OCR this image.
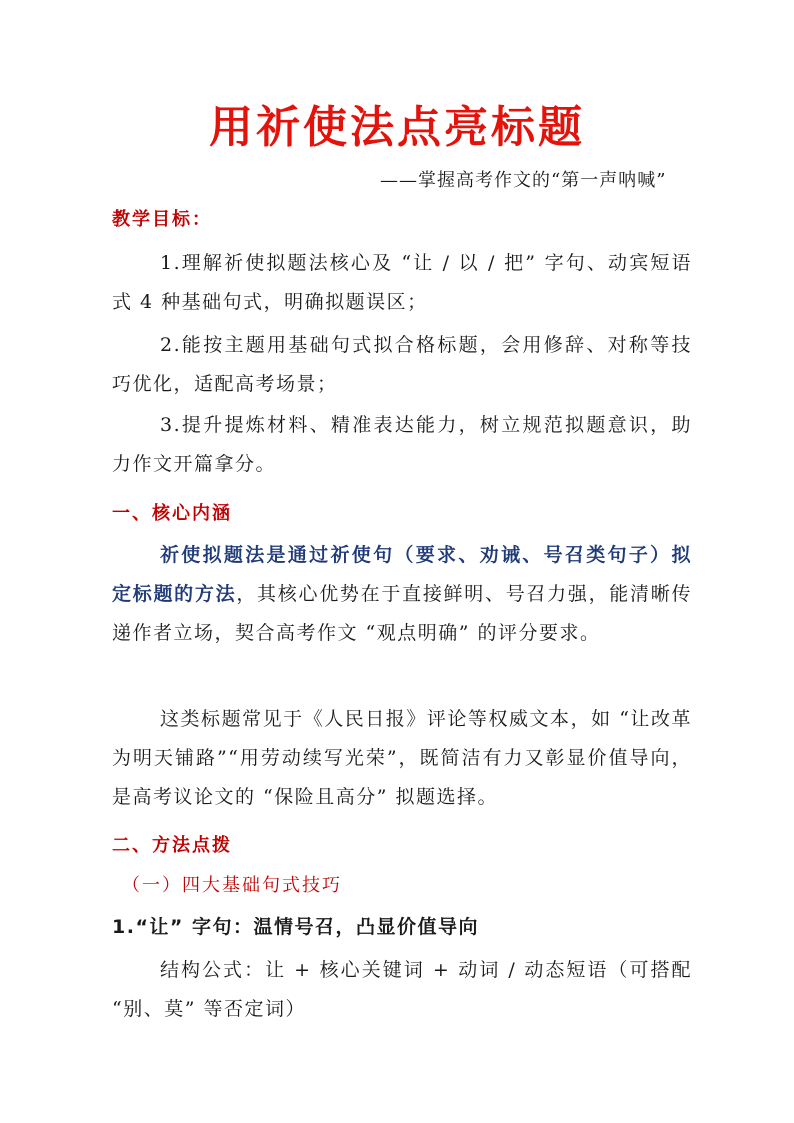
用祈使法点亮标题
——掌握高考作文的“第一声呐喊”
教学目标：

1.理解祈使拟题法核心及 “让 / 以 / 把” 字句、动宾短语式 4 种基础句式，明确拟题误区；

2.能按主题用基础句式拟合格标题，会用修辞、对称等技巧优化，适配高考场景；

3.提升提炼材料、精准表达能力，树立规范拟题意识，助力作文开篇拿分。

一、核心内涵

祈使拟题法是通过祈使句（要求、劝诫、号召类句子）拟定标题的方法，其核心优势在于直接鲜明、号召力强，能清晰传递作者立场，契合高考作文 “观点明确” 的评分要求。

这类标题常见于《人民日报》评论等权威文本，如 “让改革为明天铺路”“用劳动续写光荣”，既简洁有力又彰显价值导向，是高考议论文的 “保险且高分” 拟题选择。

二、方法点拨
（一）四大基础句式技巧
1.“让” 字句：温情号召，凸显价值导向

结构公式：让 + 核心关键词 + 动词 / 动态短语（可搭配 “别、莫” 等否定词）
